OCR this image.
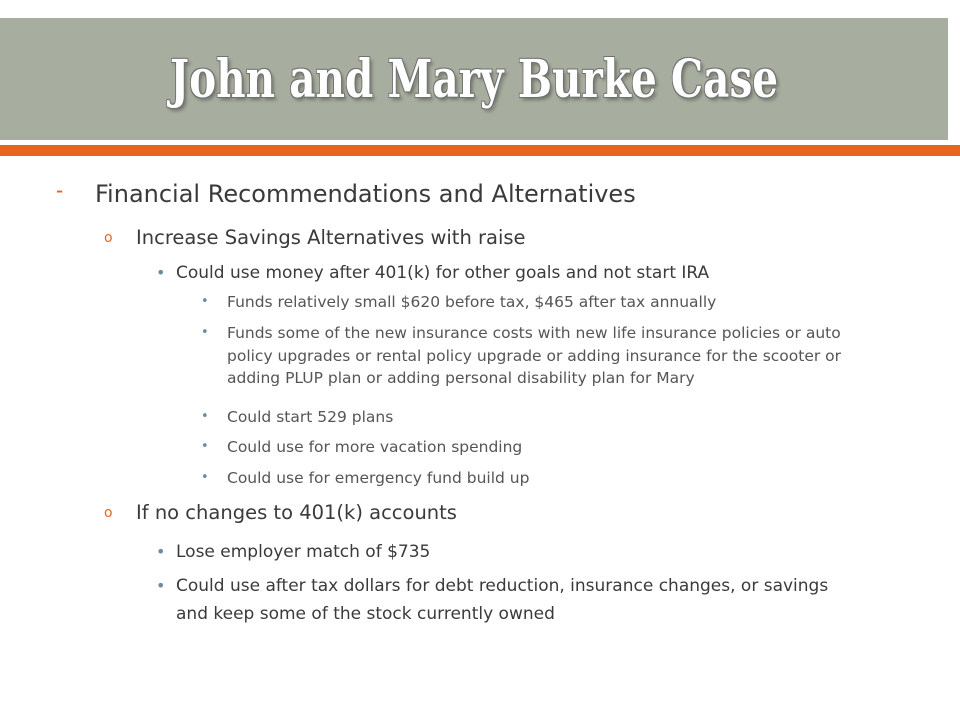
John and Mary Burke Case
⁃	Financial Recommendations and Alternatives
o	Increase Savings Alternatives with raise
• Could use money after 401(k) for other goals and not start IRA
• Funds relatively small $620 before tax, $465 after tax annually
• Funds some of the new insurance costs with new life insurance policies or auto policy upgrades or rental policy upgrade or adding insurance for the scooter or adding PLUP plan or adding personal disability plan for Mary
• Could start 529 plans
• Could use for more vacation spending
• Could use for emergency fund build up
o	If no changes to 401(k) accounts
• Lose employer match of $735
• Could use after tax dollars for debt reduction, insurance changes, or savings and keep some of the stock currently owned
